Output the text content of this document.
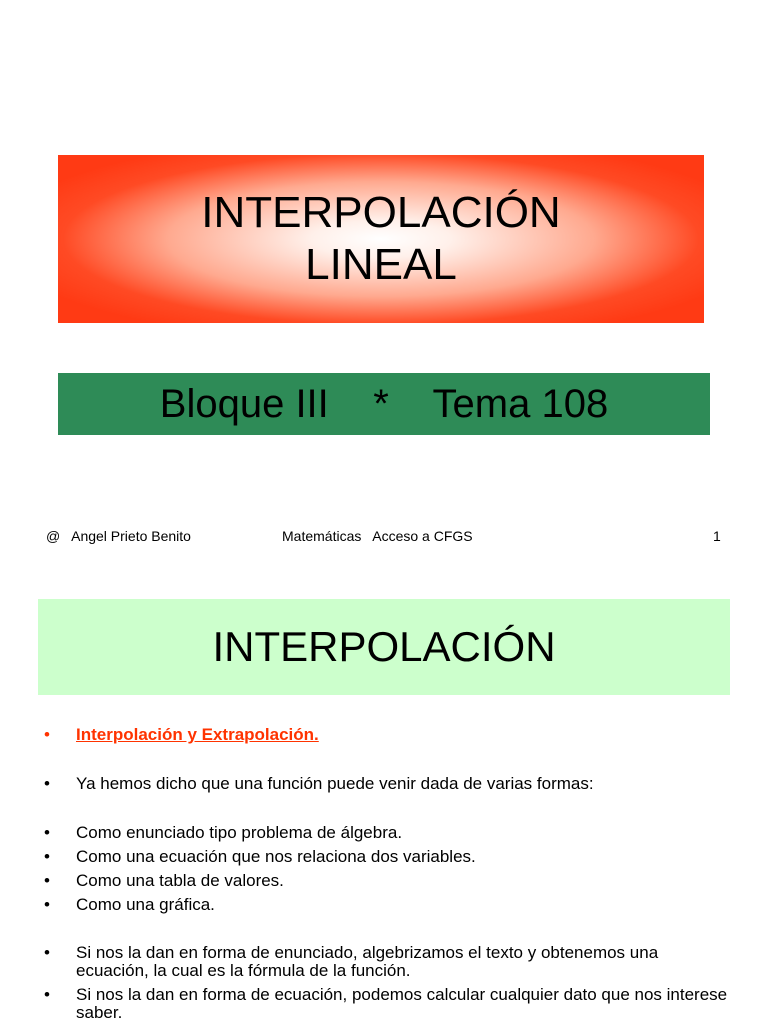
INTERPOLACIÓN
LINEAL
Bloque III    *    Tema 108
@   Angel Prieto Benito	Matemáticas   Acceso a CFGS	1
INTERPOLACIÓN
• Interpolación y Extrapolación.
• Ya hemos dicho que una función puede venir dada de varias formas:
• Como enunciado tipo problema de álgebra.
• Como una ecuación que nos relaciona dos variables.
• Como una tabla de valores.
• Como una gráfica.
• Si nos la dan en forma de enunciado, algebrizamos el texto y obtenemos una ecuación, la cual es la fórmula de la función.
• Si nos la dan en forma de ecuación, podemos calcular cualquier dato que nos interese saber.
